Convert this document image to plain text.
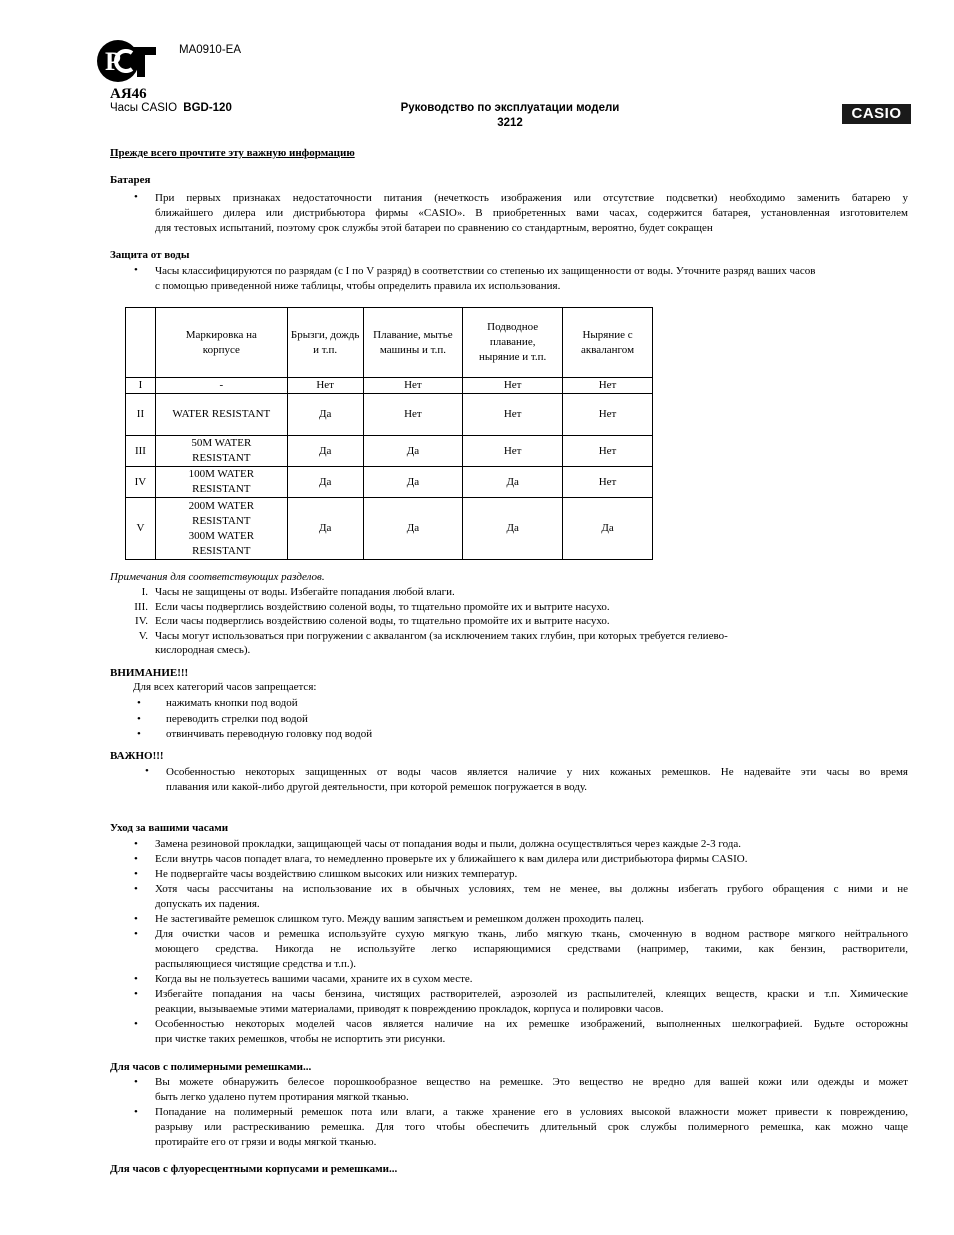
Р	MA0910-EA
АЯ46
Часы CASIO BGD-120	Руководство по эксплуатации модели
3212
CASIO
Прежде всего прочтите эту важную информацию
Батарея
• При первых признаках недостаточности питания (нечеткость изображения или отсутствие подсветки) необходимо заменить батарею у
ближайшего дилера или дистрибьютора фирмы «CASIO». В приобретенных вами часах, содержится батарея, установленная изготовителем
для тестовых испытаний, поэтому срок службы этой батареи по сравнению со стандартным, вероятно, будет сокращен
Защита от воды
• Часы классифицируются по разрядам (с I по V разряд) в соответствии со степенью их защищенности от воды. Уточните разряд ваших часов
с помощью приведенной ниже таблицы, чтобы определить правила их использования.
	Маркировка на корпусе	Брызги, дождь и т.п.	Плавание, мытье машины и т.п.	Подводное плавание, ныряние и т.п.	Ныряние с аквалангом
I	-	Нет	Нет	Нет	Нет
II	WATER RESISTANT	Да	Нет	Нет	Нет
III	50M WATER RESISTANT	Да	Да	Нет	Нет
IV	100M WATER RESISTANT	Да	Да	Да	Нет
V	200M WATER RESISTANT 300M WATER RESISTANT	Да	Да	Да	Да
Примечания для соответствующих разделов.
I. Часы не защищены от воды. Избегайте попадания любой влаги.
III. Если часы подверглись воздействию соленой воды, то тщательно промойте их и вытрите насухо.
IV. Если часы подверглись воздействию соленой воды, то тщательно промойте их и вытрите насухо.
V. Часы могут использоваться при погружении с аквалангом (за исключением таких глубин, при которых требуется гелиево-
кислородная смесь).
ВНИМАНИЕ!!!
Для всех категорий часов запрещается:
• нажимать кнопки под водой
• переводить стрелки под водой
• отвинчивать переводную головку под водой
ВАЖНО!!!
• Особенностью некоторых защищенных от воды часов является наличие у них кожаных ремешков. Не надевайте эти часы во время
плавания или какой-либо другой деятельности, при которой ремешок погружается в воду.
Уход за вашими часами
• Замена резиновой прокладки, защищающей часы от попадания воды и пыли, должна осуществляться через каждые 2-3 года.
• Если внутрь часов попадет влага, то немедленно проверьте их у ближайшего к вам дилера или дистрибьютора фирмы CASIO.
• Не подвергайте часы воздействию слишком высоких или низких температур.
• Хотя часы рассчитаны на использование их в обычных условиях, тем не менее, вы должны избегать грубого обращения с ними и не
допускать их падения.
• Не застегивайте ремешок слишком туго. Между вашим запястьем и ремешком должен проходить палец.
• Для очистки часов и ремешка используйте сухую мягкую ткань, либо мягкую ткань, смоченную в водном растворе мягкого нейтрального
моющего средства. Никогда не используйте легко испаряющимися средствами (например, такими, как бензин, растворители,
распыляющиеся чистящие средства и т.п.).
• Когда вы не пользуетесь вашими часами, храните их в сухом месте.
• Избегайте попадания на часы бензина, чистящих растворителей, аэрозолей из распылителей, клеящих веществ, краски и т.п. Химические
реакции, вызываемые этими материалами, приводят к повреждению прокладок, корпуса и полировки часов.
• Особенностью некоторых моделей часов является наличие на их ремешке изображений, выполненных шелкографией. Будьте осторожны
при чистке таких ремешков, чтобы не испортить эти рисунки.
Для часов с полимерными ремешками...
• Вы можете обнаружить белесое порошкообразное вещество на ремешке. Это вещество не вредно для вашей кожи или одежды и может
быть легко удалено путем протирания мягкой тканью.
• Попадание на полимерный ремешок пота или влаги, а также хранение его в условиях высокой влажности может привести к повреждению,
разрыву или растрескиванию ремешка. Для того чтобы обеспечить длительный срок службы полимерного ремешка, как можно чаще
протирайте его от грязи и воды мягкой тканью.
Для часов с флуоресцентными корпусами и ремешками...
